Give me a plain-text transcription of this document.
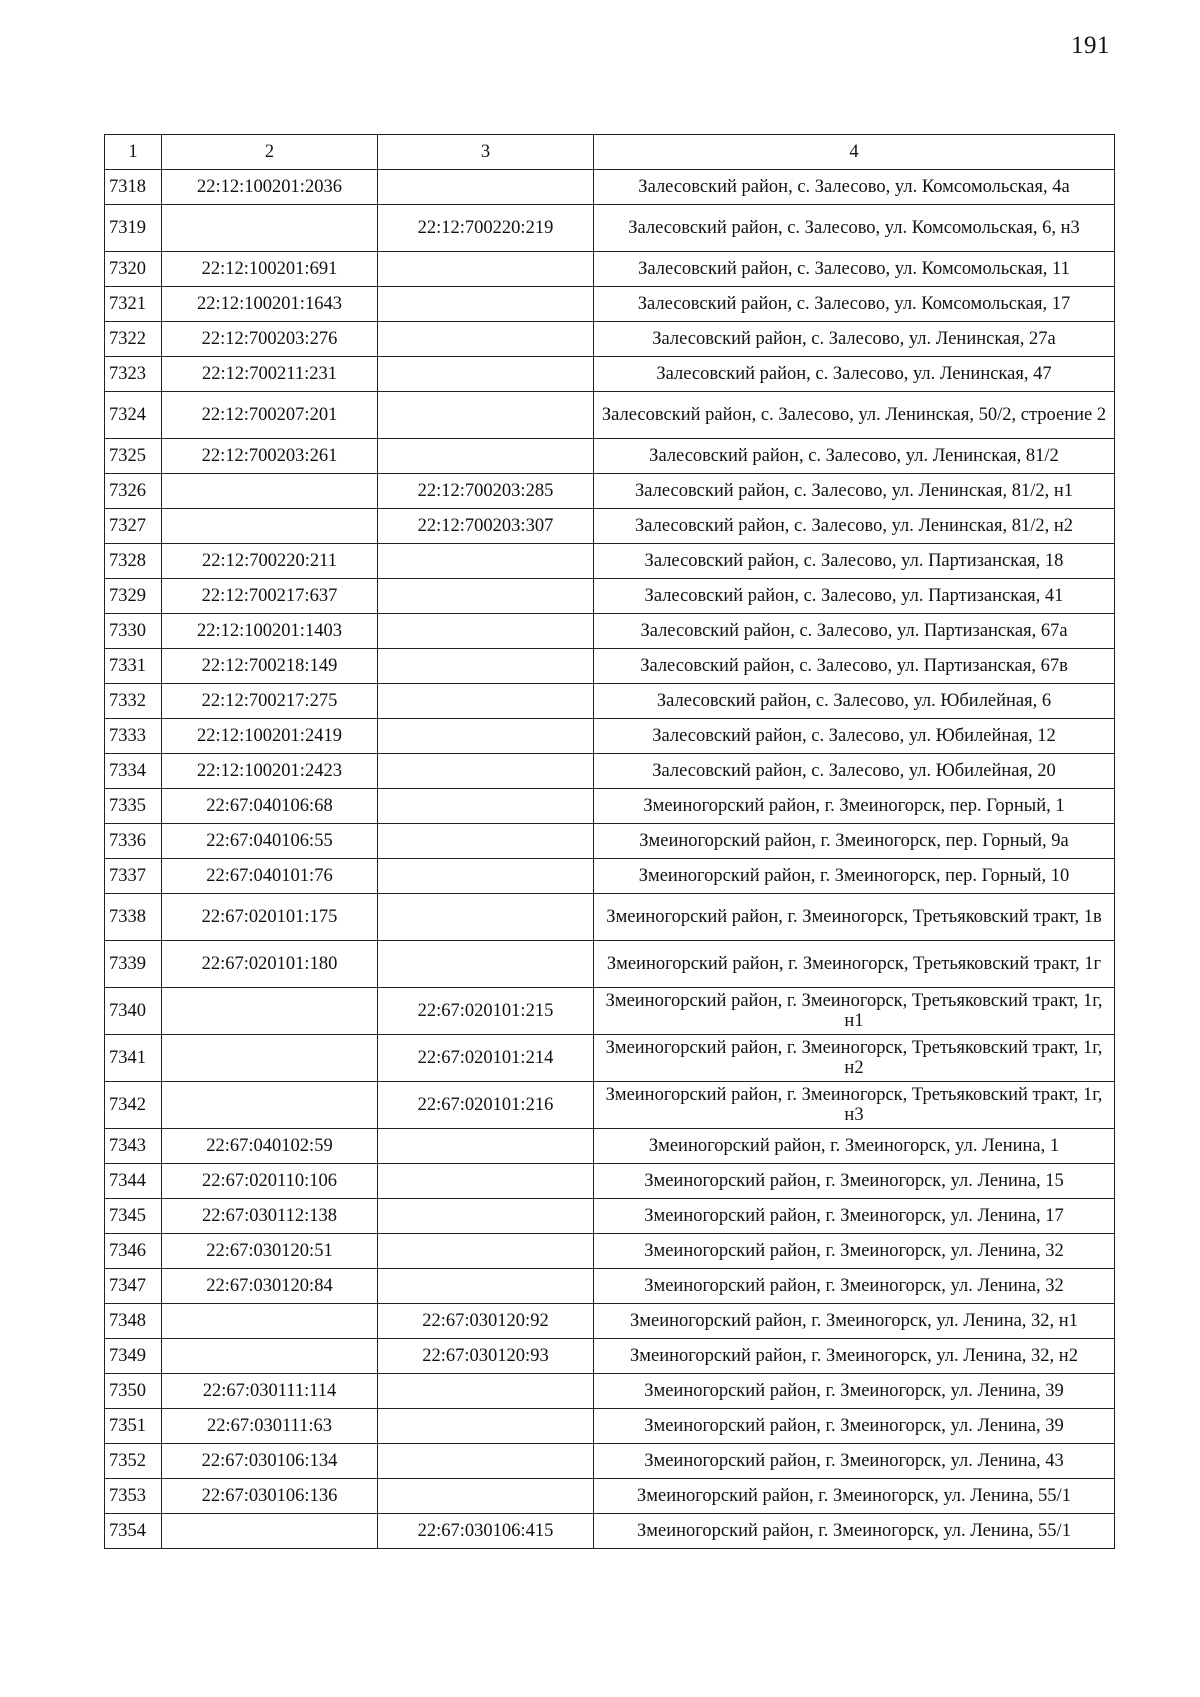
191
1	2	3	4
7318	22:12:100201:2036		Залесовский район, с. Залесово, ул. Комсомольская, 4а
7319		22:12:700220:219	Залесовский район, с. Залесово, ул. Комсомольская, 6, н3
7320	22:12:100201:691		Залесовский район, с. Залесово, ул. Комсомольская, 11
7321	22:12:100201:1643		Залесовский район, с. Залесово, ул. Комсомольская, 17
7322	22:12:700203:276		Залесовский район, с. Залесово, ул. Ленинская, 27а
7323	22:12:700211:231		Залесовский район, с. Залесово, ул. Ленинская, 47
7324	22:12:700207:201		Залесовский район, с. Залесово, ул. Ленинская, 50/2, строение 2
7325	22:12:700203:261		Залесовский район, с. Залесово, ул. Ленинская, 81/2
7326		22:12:700203:285	Залесовский район, с. Залесово, ул. Ленинская, 81/2, н1
7327		22:12:700203:307	Залесовский район, с. Залесово, ул. Ленинская, 81/2, н2
7328	22:12:700220:211		Залесовский район, с. Залесово, ул. Партизанская, 18
7329	22:12:700217:637		Залесовский район, с. Залесово, ул. Партизанская, 41
7330	22:12:100201:1403		Залесовский район, с. Залесово, ул. Партизанская, 67а
7331	22:12:700218:149		Залесовский район, с. Залесово, ул. Партизанская, 67в
7332	22:12:700217:275		Залесовский район, с. Залесово, ул. Юбилейная, 6
7333	22:12:100201:2419		Залесовский район, с. Залесово, ул. Юбилейная, 12
7334	22:12:100201:2423		Залесовский район, с. Залесово, ул. Юбилейная, 20
7335	22:67:040106:68		Змеиногорский район, г. Змеиногорск, пер. Горный, 1
7336	22:67:040106:55		Змеиногорский район, г. Змеиногорск, пер. Горный, 9а
7337	22:67:040101:76		Змеиногорский район, г. Змеиногорск, пер. Горный, 10
7338	22:67:020101:175		Змеиногорский район, г. Змеиногорск, Третьяковский тракт, 1в
7339	22:67:020101:180		Змеиногорский район, г. Змеиногорск, Третьяковский тракт, 1г
7340		22:67:020101:215	Змеиногорский район, г. Змеиногорск, Третьяковский тракт, 1г, н1
7341		22:67:020101:214	Змеиногорский район, г. Змеиногорск, Третьяковский тракт, 1г, н2
7342		22:67:020101:216	Змеиногорский район, г. Змеиногорск, Третьяковский тракт, 1г, н3
7343	22:67:040102:59		Змеиногорский район, г. Змеиногорск, ул. Ленина, 1
7344	22:67:020110:106		Змеиногорский район, г. Змеиногорск, ул. Ленина, 15
7345	22:67:030112:138		Змеиногорский район, г. Змеиногорск, ул. Ленина, 17
7346	22:67:030120:51		Змеиногорский район, г. Змеиногорск, ул. Ленина, 32
7347	22:67:030120:84		Змеиногорский район, г. Змеиногорск, ул. Ленина, 32
7348		22:67:030120:92	Змеиногорский район, г. Змеиногорск, ул. Ленина, 32, н1
7349		22:67:030120:93	Змеиногорский район, г. Змеиногорск, ул. Ленина, 32, н2
7350	22:67:030111:114		Змеиногорский район, г. Змеиногорск, ул. Ленина, 39
7351	22:67:030111:63		Змеиногорский район, г. Змеиногорск, ул. Ленина, 39
7352	22:67:030106:134		Змеиногорский район, г. Змеиногорск, ул. Ленина, 43
7353	22:67:030106:136		Змеиногорский район, г. Змеиногорск, ул. Ленина, 55/1
7354		22:67:030106:415	Змеиногорский район, г. Змеиногорск, ул. Ленина, 55/1
